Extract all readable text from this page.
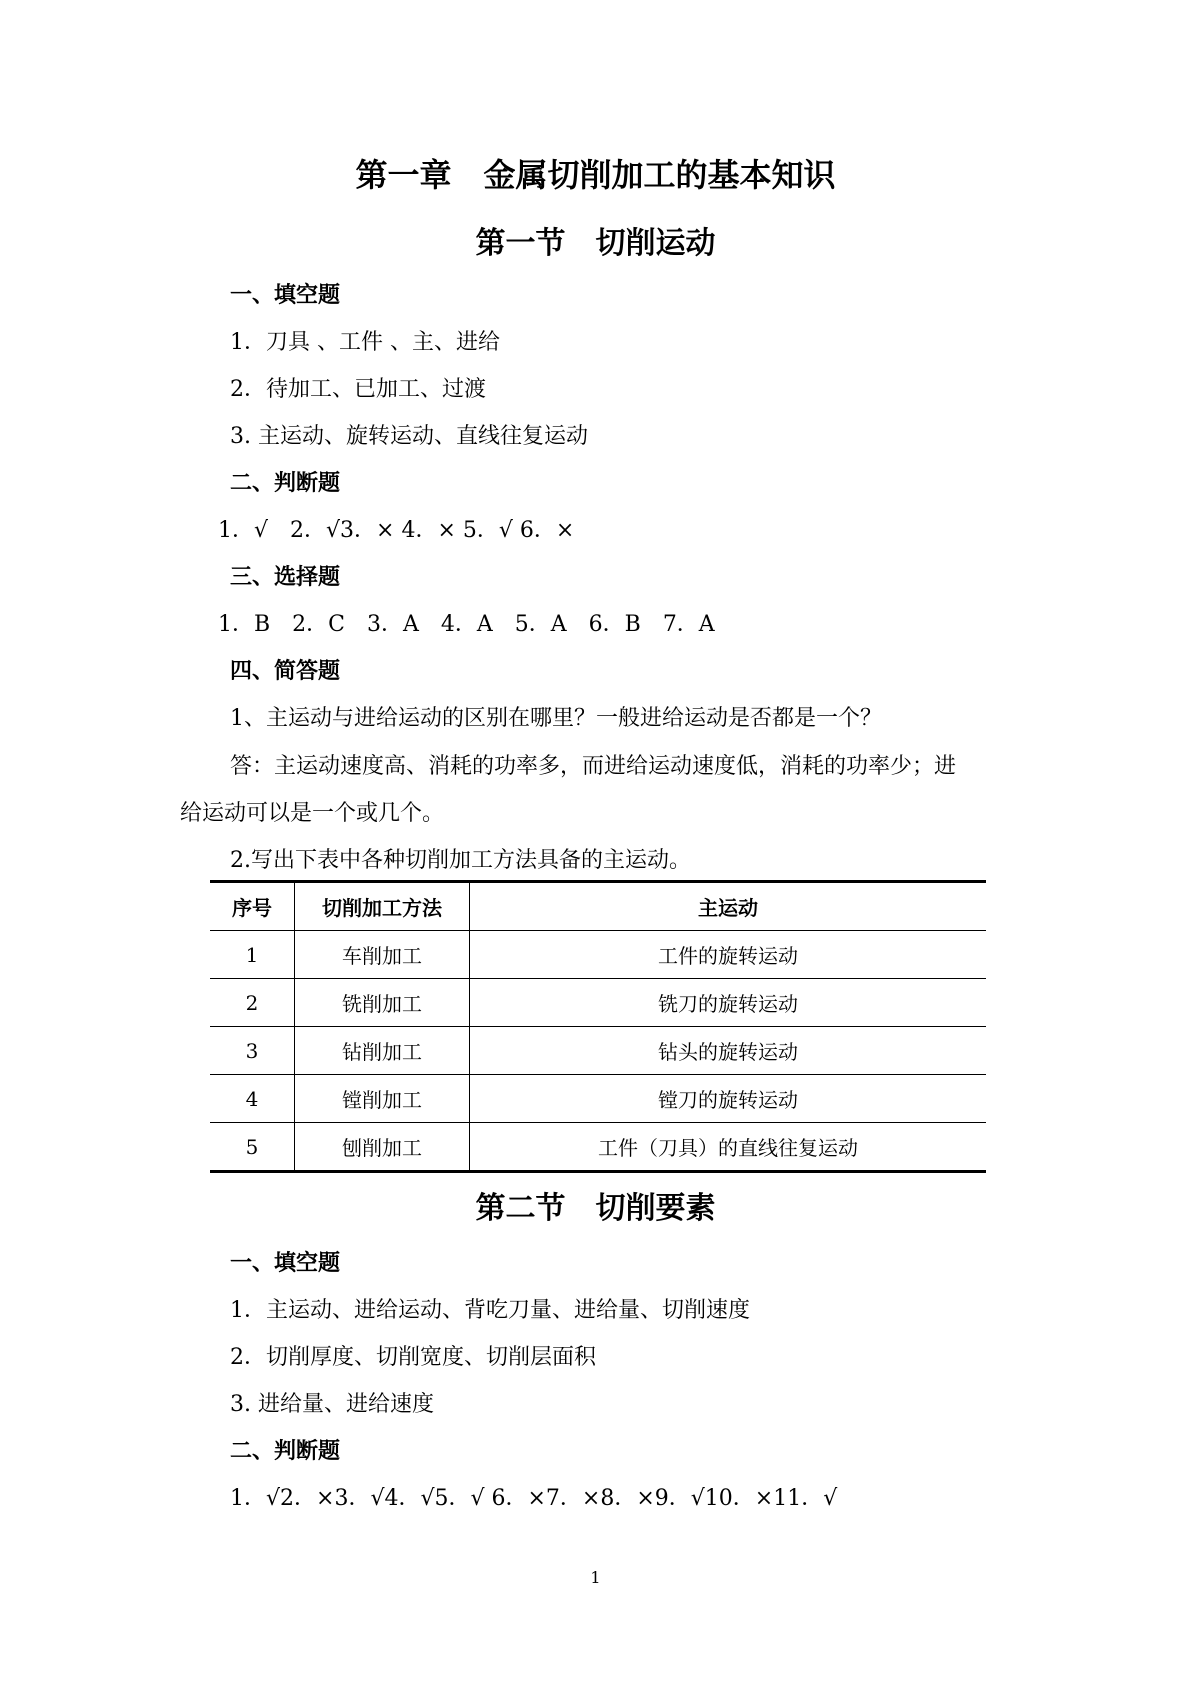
第一章　金属切削加工的基本知识
第一节　切削运动
一、填空题
1．刀具 、工件 、主、进给
2．待加工、已加工、过渡
3. 主运动、旋转运动、直线往复运动
二、判断题
1．√　2．√3．× 4．× 5．√ 6．×
三、选择题
1．B　2．C　3．A　4．A　5．A　6．B　7．A
四、简答题
1、主运动与进给运动的区别在哪里？一般进给运动是否都是一个？
答：主运动速度高、消耗的功率多，而进给运动速度低，消耗的功率少；进
给运动可以是一个或几个。
2.写出下表中各种切削加工方法具备的主运动。
序号	切削加工方法	主运动
1	车削加工	工件的旋转运动
2	铣削加工	铣刀的旋转运动
3	钻削加工	钻头的旋转运动
4	镗削加工	镗刀的旋转运动
5	刨削加工	工件（刀具）的直线往复运动
第二节　切削要素
一、填空题
1．主运动、进给运动、背吃刀量、进给量、切削速度
2．切削厚度、切削宽度、切削层面积
3. 进给量、进给速度
二、判断题
1．√2．×3．√4．√5．√ 6．×7．×8．×9．√10．×11．√
1
